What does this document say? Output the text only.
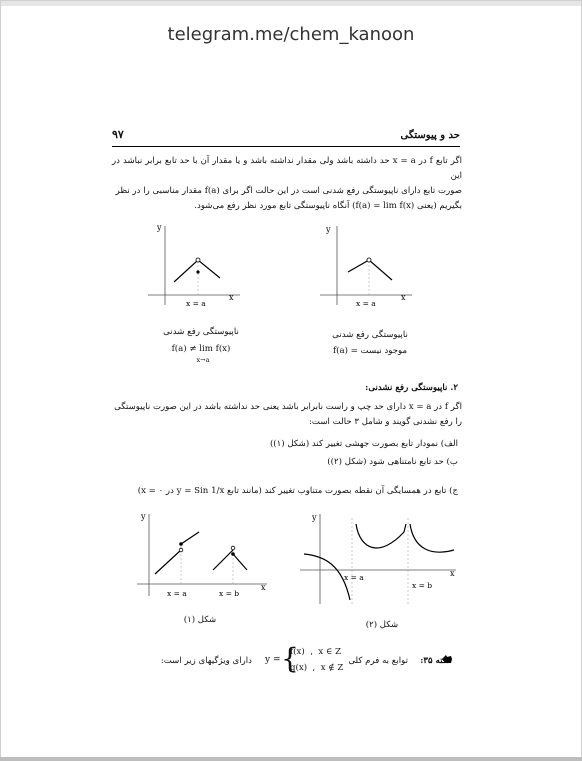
telegram.me/chem_kanoon
حد و پیوستگی
۹۷
اگر تابع f در x = a حد داشته باشد ولی مقدار نداشته باشد و یا مقدار آن با حد تابع برابر نباشد در این
صورت تابع دارای ناپیوستگی رفع شدنی است در این حالت اگر برای f(a) مقدار مناسبی را در نظر
بگیریم (یعنی f(a) = lim f(x)) آنگاه ناپیوستگی تابع مورد نظر رفع می‌شود.
y
x
x = a
y
x
x = a
ناپیوستگی رفع شدنی
f(a) ≠ lim f(x)
x→a
ناپیوستگی رفع شدنی
موجود نیست = f(a)
۲. ناپیوستگی رفع نشدنی:
اگر f در x = a دارای حد چپ و راست نابرابر باشد یعنی حد نداشته باشد در این صورت ناپیوستگی
را رفع نشدنی گویند و شامل ۳ حالت است:
الف) نمودار تابع بصورت جهشی تغییر کند (شکل (۱))
ب) حد تابع نامتناهی شود (شکل (۲))
ج) تابع در همسایگی آن نقطه بصورت متناوب تغییر کند (مانند تابع y = Sin 1/x در x = ۰)
y
x
x = a	x = b
y
x
x = a
x = b
شکل (۱)	شکل (۲)
نکته ۳۵:
توابع به فرم کلی
y = {
f(x)  ,  x ∈ Z
g(x)  ,  x ∉ Z
دارای ویژگیهای زیر است:
